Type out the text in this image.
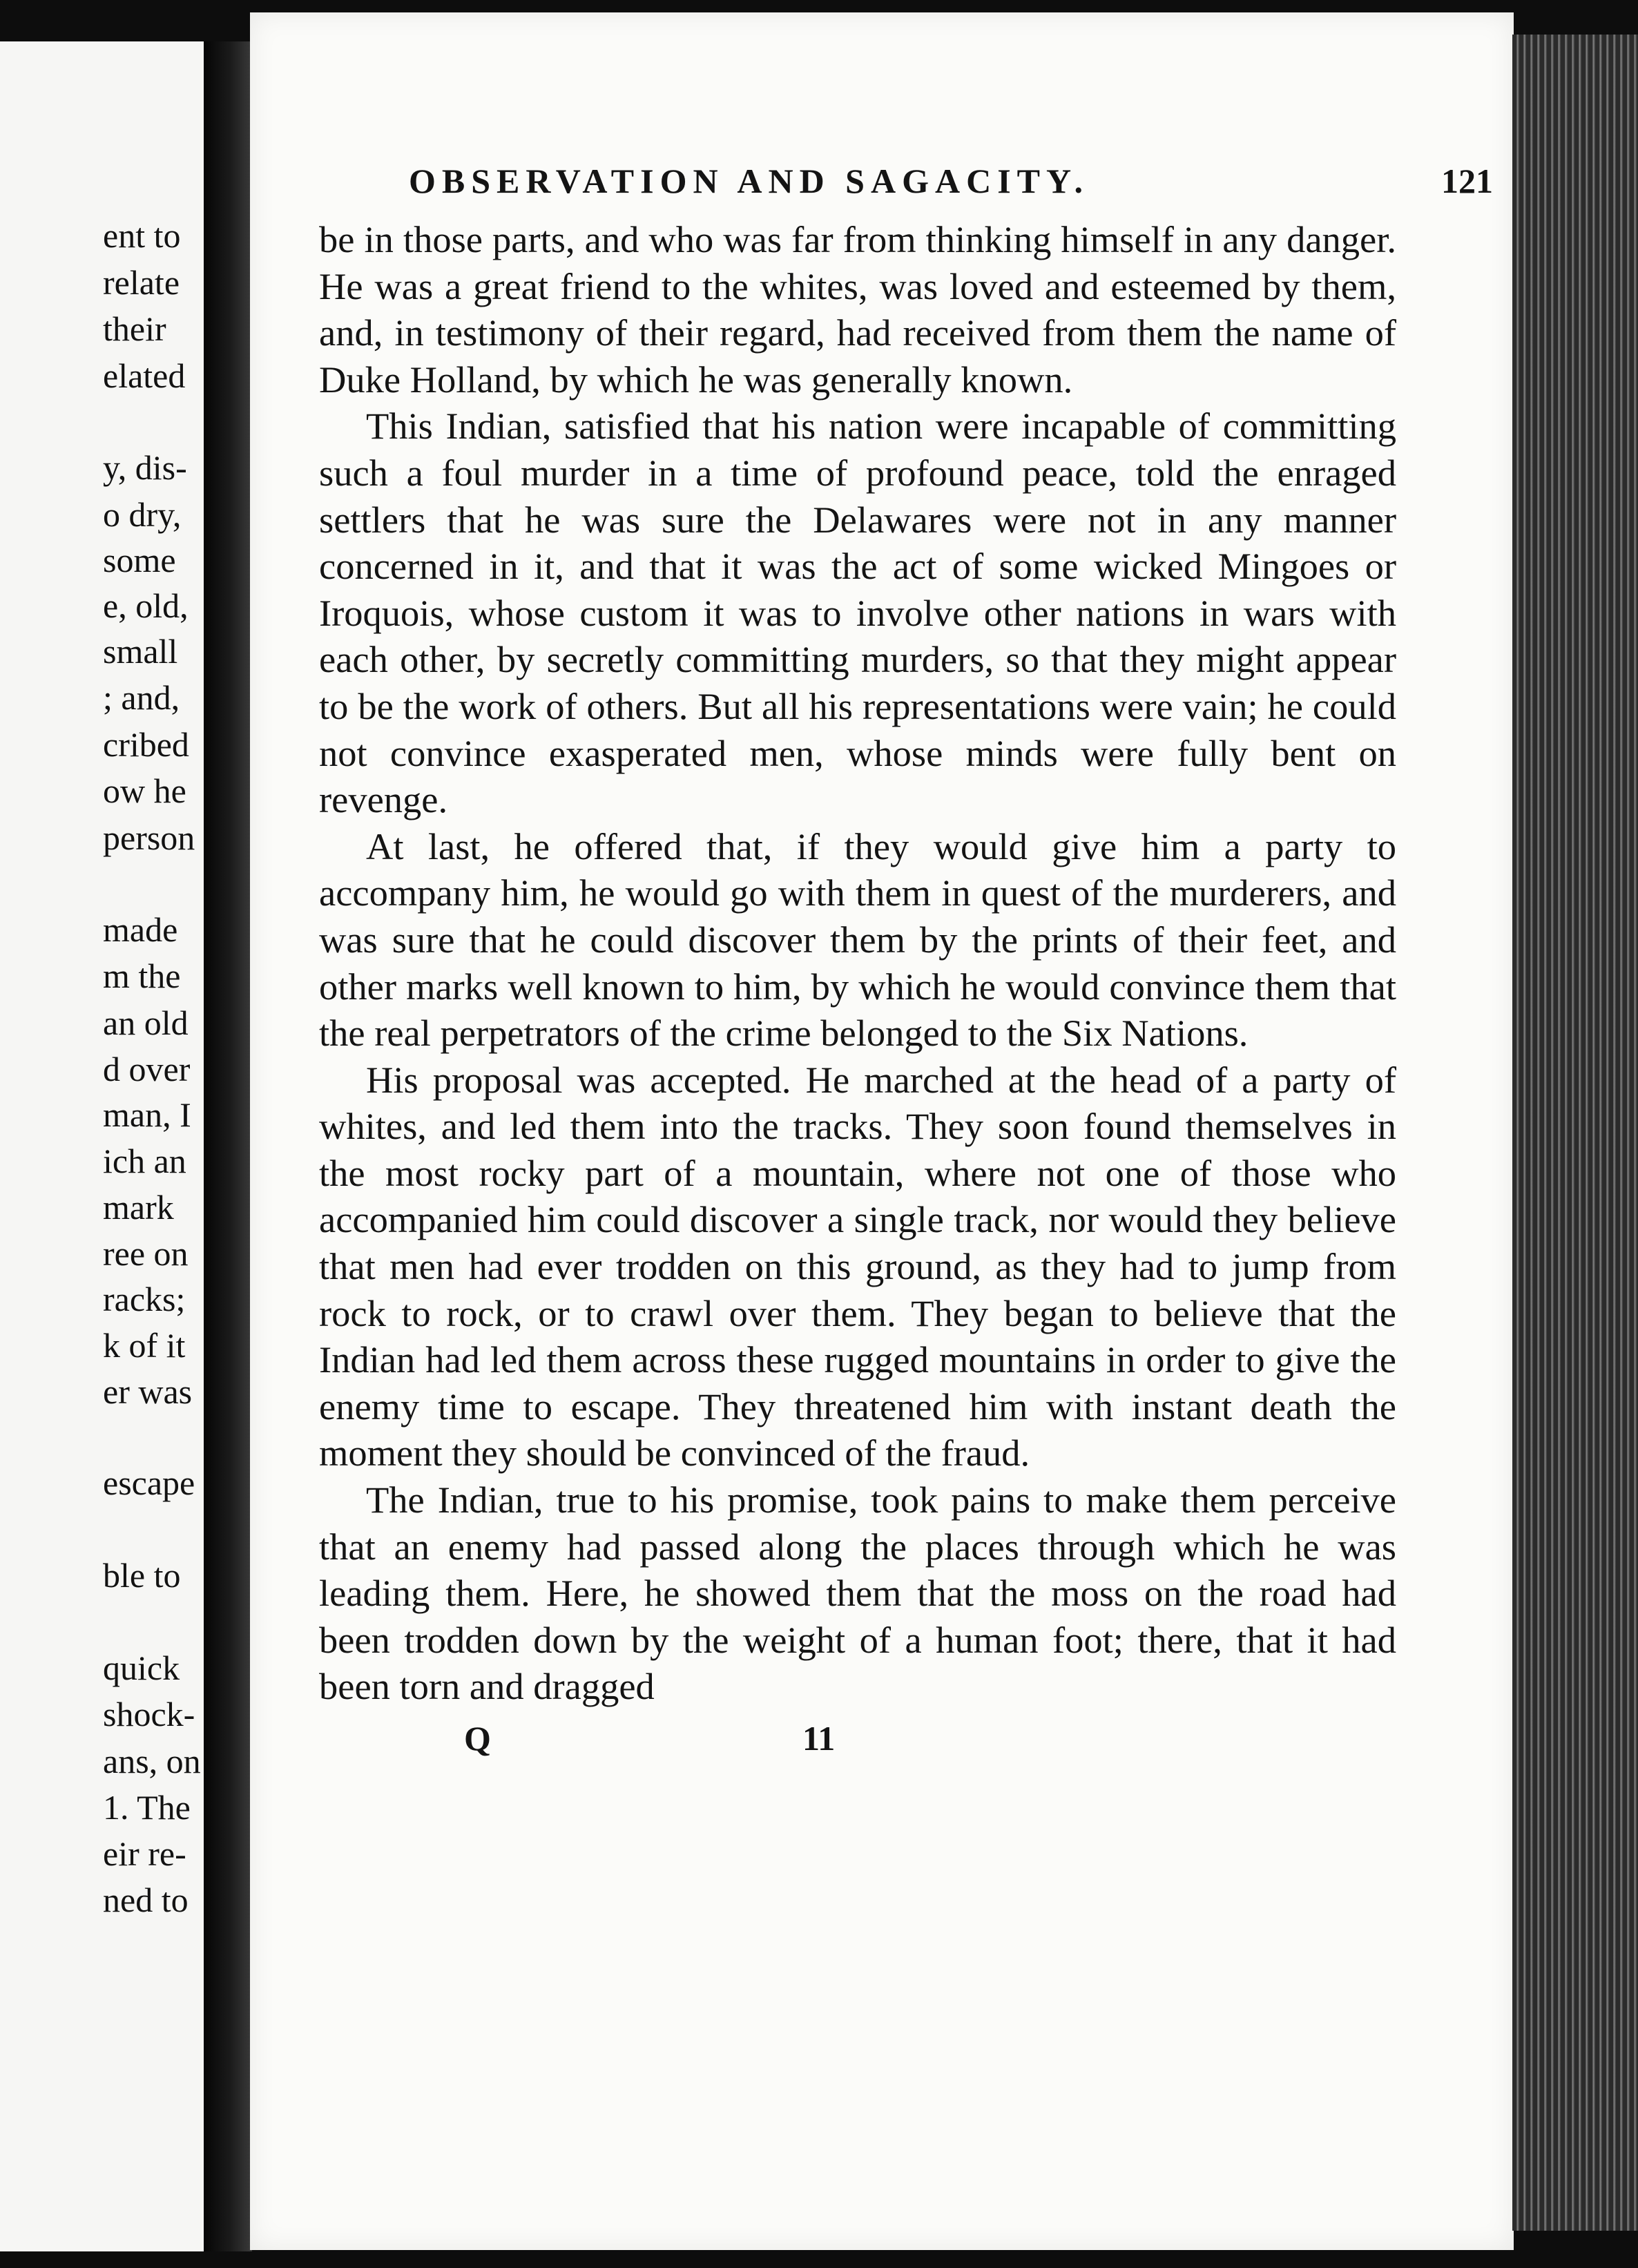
ent to
relate
their
elated
y, dis-
o dry,
some
e, old,
small
; and,
cribed
ow he
person
made
m the
an old
d over
man, I
ich an
mark
ree on
racks;
k of it
er was
escape
ble to
quick
shock-
ans, on
1. The
eir re-
ned to
OBSERVATION AND SAGACITY.	121

be in those parts, and who was far from thinking himself in any danger. He was a great friend to the whites, was loved and esteemed by them, and, in testimony of their regard, had received from them the name of Duke Holland, by which he was generally known.

This Indian, satisfied that his nation were incapable of committing such a foul murder in a time of profound peace, told the enraged settlers that he was sure the Delawares were not in any manner concerned in it, and that it was the act of some wicked Mingoes or Iroquois, whose custom it was to involve other nations in wars with each other, by secretly committing murders, so that they might appear to be the work of others. But all his representations were vain; he could not convince exasperated men, whose minds were fully bent on revenge.

At last, he offered that, if they would give him a party to accompany him, he would go with them in quest of the murderers, and was sure that he could discover them by the prints of their feet, and other marks well known to him, by which he would convince them that the real perpetrators of the crime belonged to the Six Nations.

His proposal was accepted. He marched at the head of a party of whites, and led them into the tracks. They soon found themselves in the most rocky part of a mountain, where not one of those who accompanied him could discover a single track, nor would they believe that men had ever trodden on this ground, as they had to jump from rock to rock, or to crawl over them. They began to believe that the Indian had led them across these rugged mountains in order to give the enemy time to escape. They threatened him with instant death the moment they should be convinced of the fraud.

The Indian, true to his promise, took pains to make them perceive that an enemy had passed along the places through which he was leading them. Here, he showed them that the moss on the road had been trodden down by the weight of a human foot; there, that it had been torn and dragged

Q	11
